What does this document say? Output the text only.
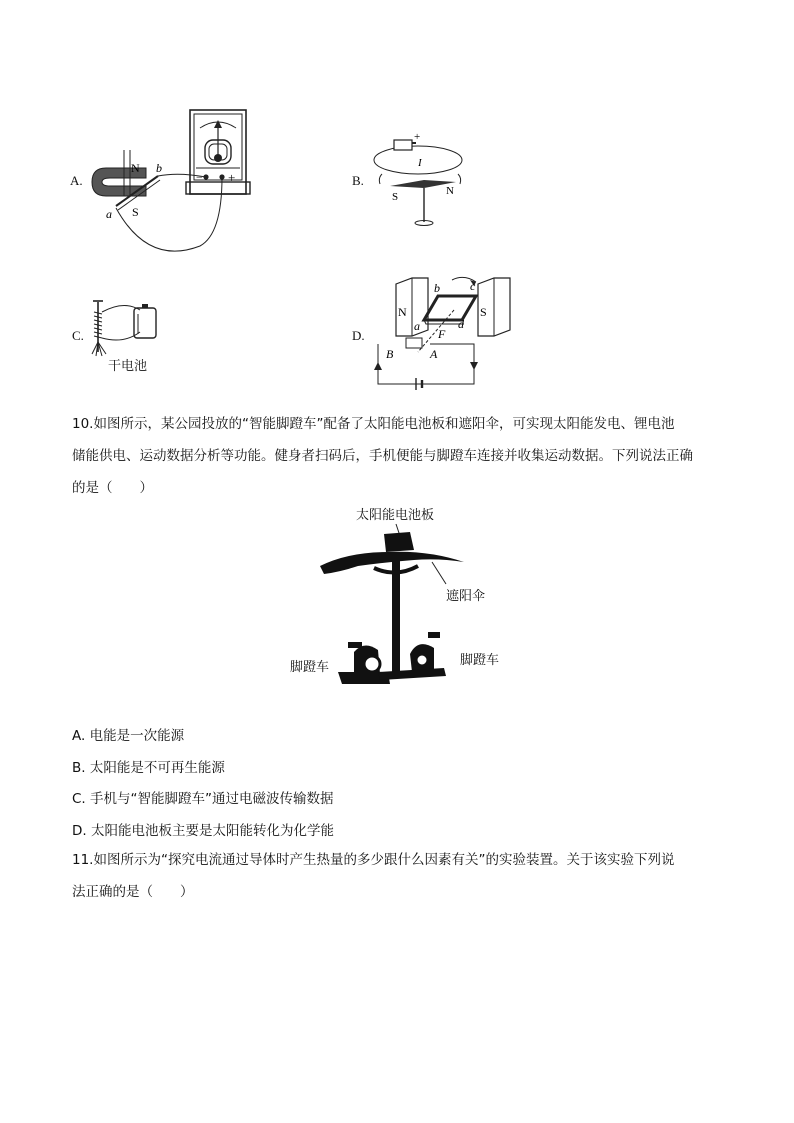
A.	− +
N b
a S
B.
+
I
S	N
C.
干电池
D.
b	c
N	S
a	d
F
B	A
10.如图所示，某公园投放的“智能脚蹬车”配备了太阳能电池板和遮阳伞，可实现太阳能发电、锂电池
储能供电、运动数据分析等功能。健身者扫码后，手机便能与脚蹬车连接并收集运动数据。下列说法正确
的是（　　）
太阳能电池板
遮阳伞
脚蹬车	脚蹬车
A. 电能是一次能源
B. 太阳能是不可再生能源
C. 手机与“智能脚蹬车”通过电磁波传输数据
D. 太阳能电池板主要是太阳能转化为化学能
11.如图所示为“探究电流通过导体时产生热量的多少跟什么因素有关”的实验装置。关于该实验下列说
法正确的是（　　）
